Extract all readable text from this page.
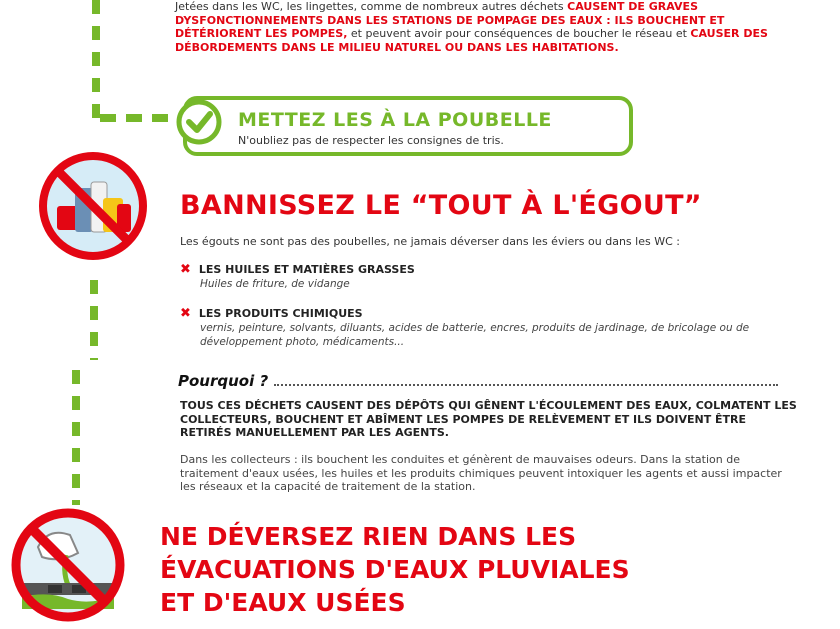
Jetées dans les WC, les lingettes, comme de nombreux autres déchets CAUSENT DE GRAVES DYSFONCTIONNEMENTS DANS LES STATIONS DE POMPAGE DES EAUX : ILS BOUCHENT ET DÉTÉRIORENT LES POMPES, et peuvent avoir pour conséquences de boucher le réseau et CAUSER DES DÉBORDEMENTS DANS LE MILIEU NATUREL OU DANS LES HABITATIONS.
METTEZ LES À LA POUBELLE
N'oubliez pas de respecter les consignes de tris.
BANNISSEZ LE “TOUT À L'ÉGOUT”
Les égouts ne sont pas des poubelles, ne jamais déverser dans les éviers ou dans les WC :
✖ LES HUILES ET MATIÈRES GRASSES
Huiles de friture, de vidange
✖ LES PRODUITS CHIMIQUES
vernis, peinture, solvants, diluants, acides de batterie, encres, produits de jardinage, de bricolage ou de développement photo, médicaments...
Pourquoi ?
TOUS CES DÉCHETS CAUSENT DES DÉPÔTS QUI GÊNENT L'ÉCOULEMENT DES EAUX, COLMATENT LES COLLECTEURS, BOUCHENT ET ABÎMENT LES POMPES DE RELÈVEMENT ET ILS DOIVENT ÊTRE RETIRÉS MANUELLEMENT PAR LES AGENTS.
Dans les collecteurs : ils bouchent les conduites et génèrent de mauvaises odeurs. Dans la station de traitement d'eaux usées, les huiles et les produits chimiques peuvent intoxiquer les agents et aussi impacter les réseaux et la capacité de traitement de la station.
NE DÉVERSEZ RIEN DANS LES
ÉVACUATIONS D'EAUX PLUVIALES
ET D'EAUX USÉES
